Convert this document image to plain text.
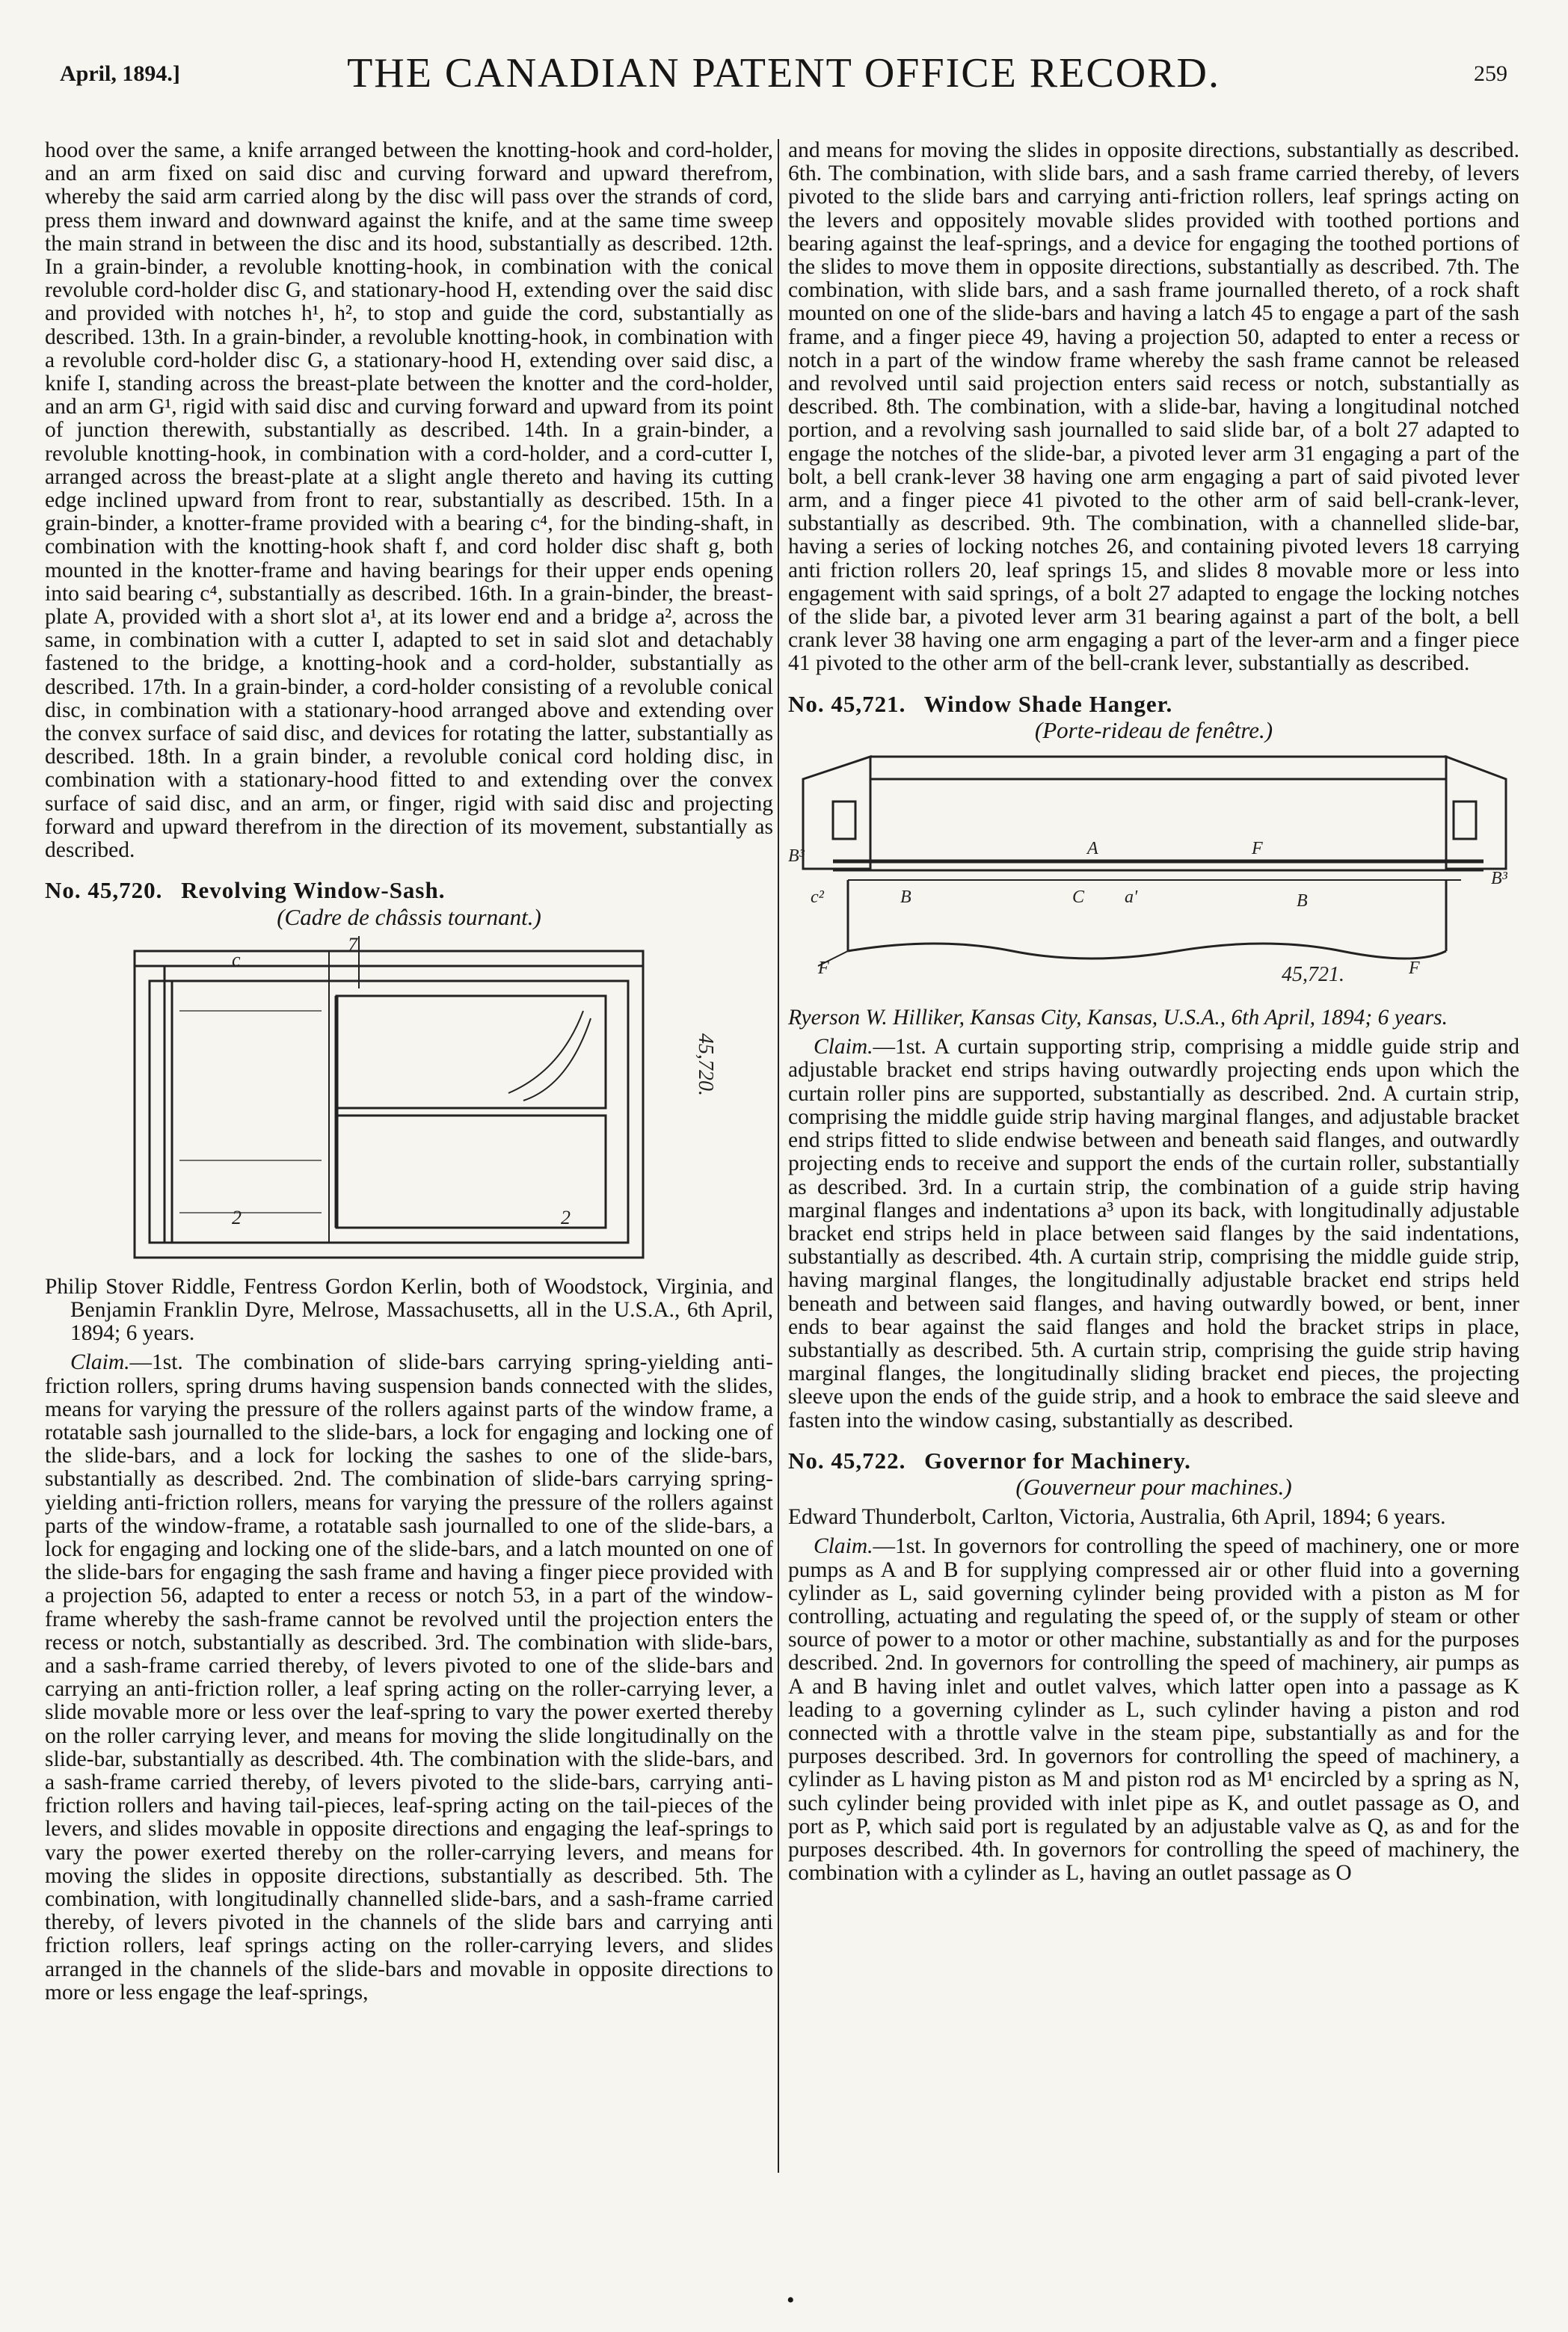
April, 1894.]	THE CANADIAN PATENT OFFICE RECORD.	259

hood over the same, a knife arranged between the knotting-hook and cord-holder, and an arm fixed on said disc and curving forward and upward therefrom, whereby the said arm carried along by the disc will pass over the strands of cord, press them inward and downward against the knife, and at the same time sweep the main strand in between the disc and its hood, substantially as described. 12th. In a grain-binder, a revoluble knotting-hook, in combination with the conical revoluble cord-holder disc G, and stationary-hood H, extending over the said disc and provided with notches h¹, h², to stop and guide the cord, substantially as described. 13th. In a grain-binder, a revoluble knotting-hook, in combination with a revoluble cord-holder disc G, a stationary-hood H, extending over said disc, a knife I, standing across the breast-plate between the knotter and the cord-holder, and an arm G¹, rigid with said disc and curving forward and upward from its point of junction therewith, substantially as described. 14th. In a grain-binder, a revoluble knotting-hook, in combination with a cord-holder, and a cord-cutter I, arranged across the breast-plate at a slight angle thereto and having its cutting edge inclined upward from front to rear, substantially as described. 15th. In a grain-binder, a knotter-frame provided with a bearing c⁴, for the binding-shaft, in combination with the knotting-hook shaft f, and cord holder disc shaft g, both mounted in the knotter-frame and having bearings for their upper ends opening into said bearing c⁴, substantially as described. 16th. In a grain-binder, the breast-plate A, provided with a short slot a¹, at its lower end and a bridge a², across the same, in combination with a cutter I, adapted to set in said slot and detachably fastened to the bridge, a knotting-hook and a cord-holder, substantially as described. 17th. In a grain-binder, a cord-holder consisting of a revoluble conical disc, in combination with a stationary-hood arranged above and extending over the convex surface of said disc, and devices for rotating the latter, substantially as described. 18th. In a grain binder, a revoluble conical cord holding disc, in combination with a stationary-hood fitted to and extending over the convex surface of said disc, and an arm, or finger, rigid with said disc and projecting forward and upward therefrom in the direction of its movement, substantially as described.

No. 45,720. Revolving Window-Sash.
(Cadre de châssis tournant.)
c
7
2	2
45,720.

Philip Stover Riddle, Fentress Gordon Kerlin, both of Woodstock, Virginia, and Benjamin Franklin Dyre, Melrose, Massachusetts, all in the U.S.A., 6th April, 1894; 6 years.

Claim.—1st. The combination of slide-bars carrying spring-yielding anti-friction rollers, spring drums having suspension bands connected with the slides, means for varying the pressure of the rollers against parts of the window frame, a rotatable sash journalled to the slide-bars, a lock for engaging and locking one of the slide-bars, and a lock for locking the sashes to one of the slide-bars, substantially as described. 2nd. The combination of slide-bars carrying spring-yielding anti-friction rollers, means for varying the pressure of the rollers against parts of the window-frame, a rotatable sash journalled to one of the slide-bars, a lock for engaging and locking one of the slide-bars, and a latch mounted on one of the slide-bars for engaging the sash frame and having a finger piece provided with a projection 56, adapted to enter a recess or notch 53, in a part of the window-frame whereby the sash-frame cannot be revolved until the projection enters the recess or notch, substantially as described. 3rd. The combination with slide-bars, and a sash-frame carried thereby, of levers pivoted to one of the slide-bars and carrying an anti-friction roller, a leaf spring acting on the roller-carrying lever, a slide movable more or less over the leaf-spring to vary the power exerted thereby on the roller carrying lever, and means for moving the slide longitudinally on the slide-bar, substantially as described. 4th. The combination with the slide-bars, and a sash-frame carried thereby, of levers pivoted to the slide-bars, carrying anti-friction rollers and having tail-pieces, leaf-spring acting on the tail-pieces of the levers, and slides movable in opposite directions and engaging the leaf-springs to vary the power exerted thereby on the roller-carrying levers, and means for moving the slides in opposite directions, substantially as described. 5th. The combination, with longitudinally channelled slide-bars, and a sash-frame carried thereby, of levers pivoted in the channels of the slide bars and carrying anti friction rollers, leaf springs acting on the roller-carrying levers, and slides arranged in the channels of the slide-bars and movable in opposite directions to more or less engage the leaf-springs,

and means for moving the slides in opposite directions, substantially as described. 6th. The combination, with slide bars, and a sash frame carried thereby, of levers pivoted to the slide bars and carrying anti-friction rollers, leaf springs acting on the levers and oppositely movable slides provided with toothed portions and bearing against the leaf-springs, and a device for engaging the toothed portions of the slides to move them in opposite directions, substantially as described. 7th. The combination, with slide bars, and a sash frame journalled thereto, of a rock shaft mounted on one of the slide-bars and having a latch 45 to engage a part of the sash frame, and a finger piece 49, having a projection 50, adapted to enter a recess or notch in a part of the window frame whereby the sash frame cannot be released and revolved until said projection enters said recess or notch, substantially as described. 8th. The combination, with a slide-bar, having a longitudinal notched portion, and a revolving sash journalled to said slide bar, of a bolt 27 adapted to engage the notches of the slide-bar, a pivoted lever arm 31 engaging a part of the bolt, a bell crank-lever 38 having one arm engaging a part of said pivoted lever arm, and a finger piece 41 pivoted to the other arm of said bell-crank-lever, substantially as described. 9th. The combination, with a channelled slide-bar, having a series of locking notches 26, and containing pivoted levers 18 carrying anti friction rollers 20, leaf springs 15, and slides 8 movable more or less into engagement with said springs, of a bolt 27 adapted to engage the locking notches of the slide bar, a pivoted lever arm 31 bearing against a part of the bolt, a bell crank lever 38 having one arm engaging a part of the lever-arm and a finger piece 41 pivoted to the other arm of the bell-crank lever, substantially as described.

No. 45,721. Window Shade Hanger.
(Porte-rideau de fenêtre.)
B³	A	F
c²	B	C a'	B
B³
F	F
45,721.

Ryerson W. Hilliker, Kansas City, Kansas, U.S.A., 6th April, 1894; 6 years.

Claim.—1st. A curtain supporting strip, comprising a middle guide strip and adjustable bracket end strips having outwardly projecting ends upon which the curtain roller pins are supported, substantially as described. 2nd. A curtain strip, comprising the middle guide strip having marginal flanges, and adjustable bracket end strips fitted to slide endwise between and beneath said flanges, and outwardly projecting ends to receive and support the ends of the curtain roller, substantially as described. 3rd. In a curtain strip, the combination of a guide strip having marginal flanges and indentations a³ upon its back, with longitudinally adjustable bracket end strips held in place between said flanges by the said indentations, substantially as described. 4th. A curtain strip, comprising the middle guide strip, having marginal flanges, the longitudinally adjustable bracket end strips held beneath and between said flanges, and having outwardly bowed, or bent, inner ends to bear against the said flanges and hold the bracket strips in place, substantially as described. 5th. A curtain strip, comprising the guide strip having marginal flanges, the longitudinally sliding bracket end pieces, the projecting sleeve upon the ends of the guide strip, and a hook to embrace the said sleeve and fasten into the window casing, substantially as described.

No. 45,722. Governor for Machinery.
(Gouverneur pour machines.)

Edward Thunderbolt, Carlton, Victoria, Australia, 6th April, 1894; 6 years.

Claim.—1st. In governors for controlling the speed of machinery, one or more pumps as A and B for supplying compressed air or other fluid into a governing cylinder as L, said governing cylinder being provided with a piston as M for controlling, actuating and regulating the speed of, or the supply of steam or other source of power to a motor or other machine, substantially as and for the purposes described. 2nd. In governors for controlling the speed of machinery, air pumps as A and B having inlet and outlet valves, which latter open into a passage as K leading to a governing cylinder as L, such cylinder having a piston and rod connected with a throttle valve in the steam pipe, substantially as and for the purposes described. 3rd. In governors for controlling the speed of machinery, a cylinder as L having piston as M and piston rod as M¹ encircled by a spring as N, such cylinder being provided with inlet pipe as K, and outlet passage as O, and port as P, which said port is regulated by an adjustable valve as Q, as and for the purposes described. 4th. In governors for controlling the speed of machinery, the combination with a cylinder as L, having an outlet passage as O

•
